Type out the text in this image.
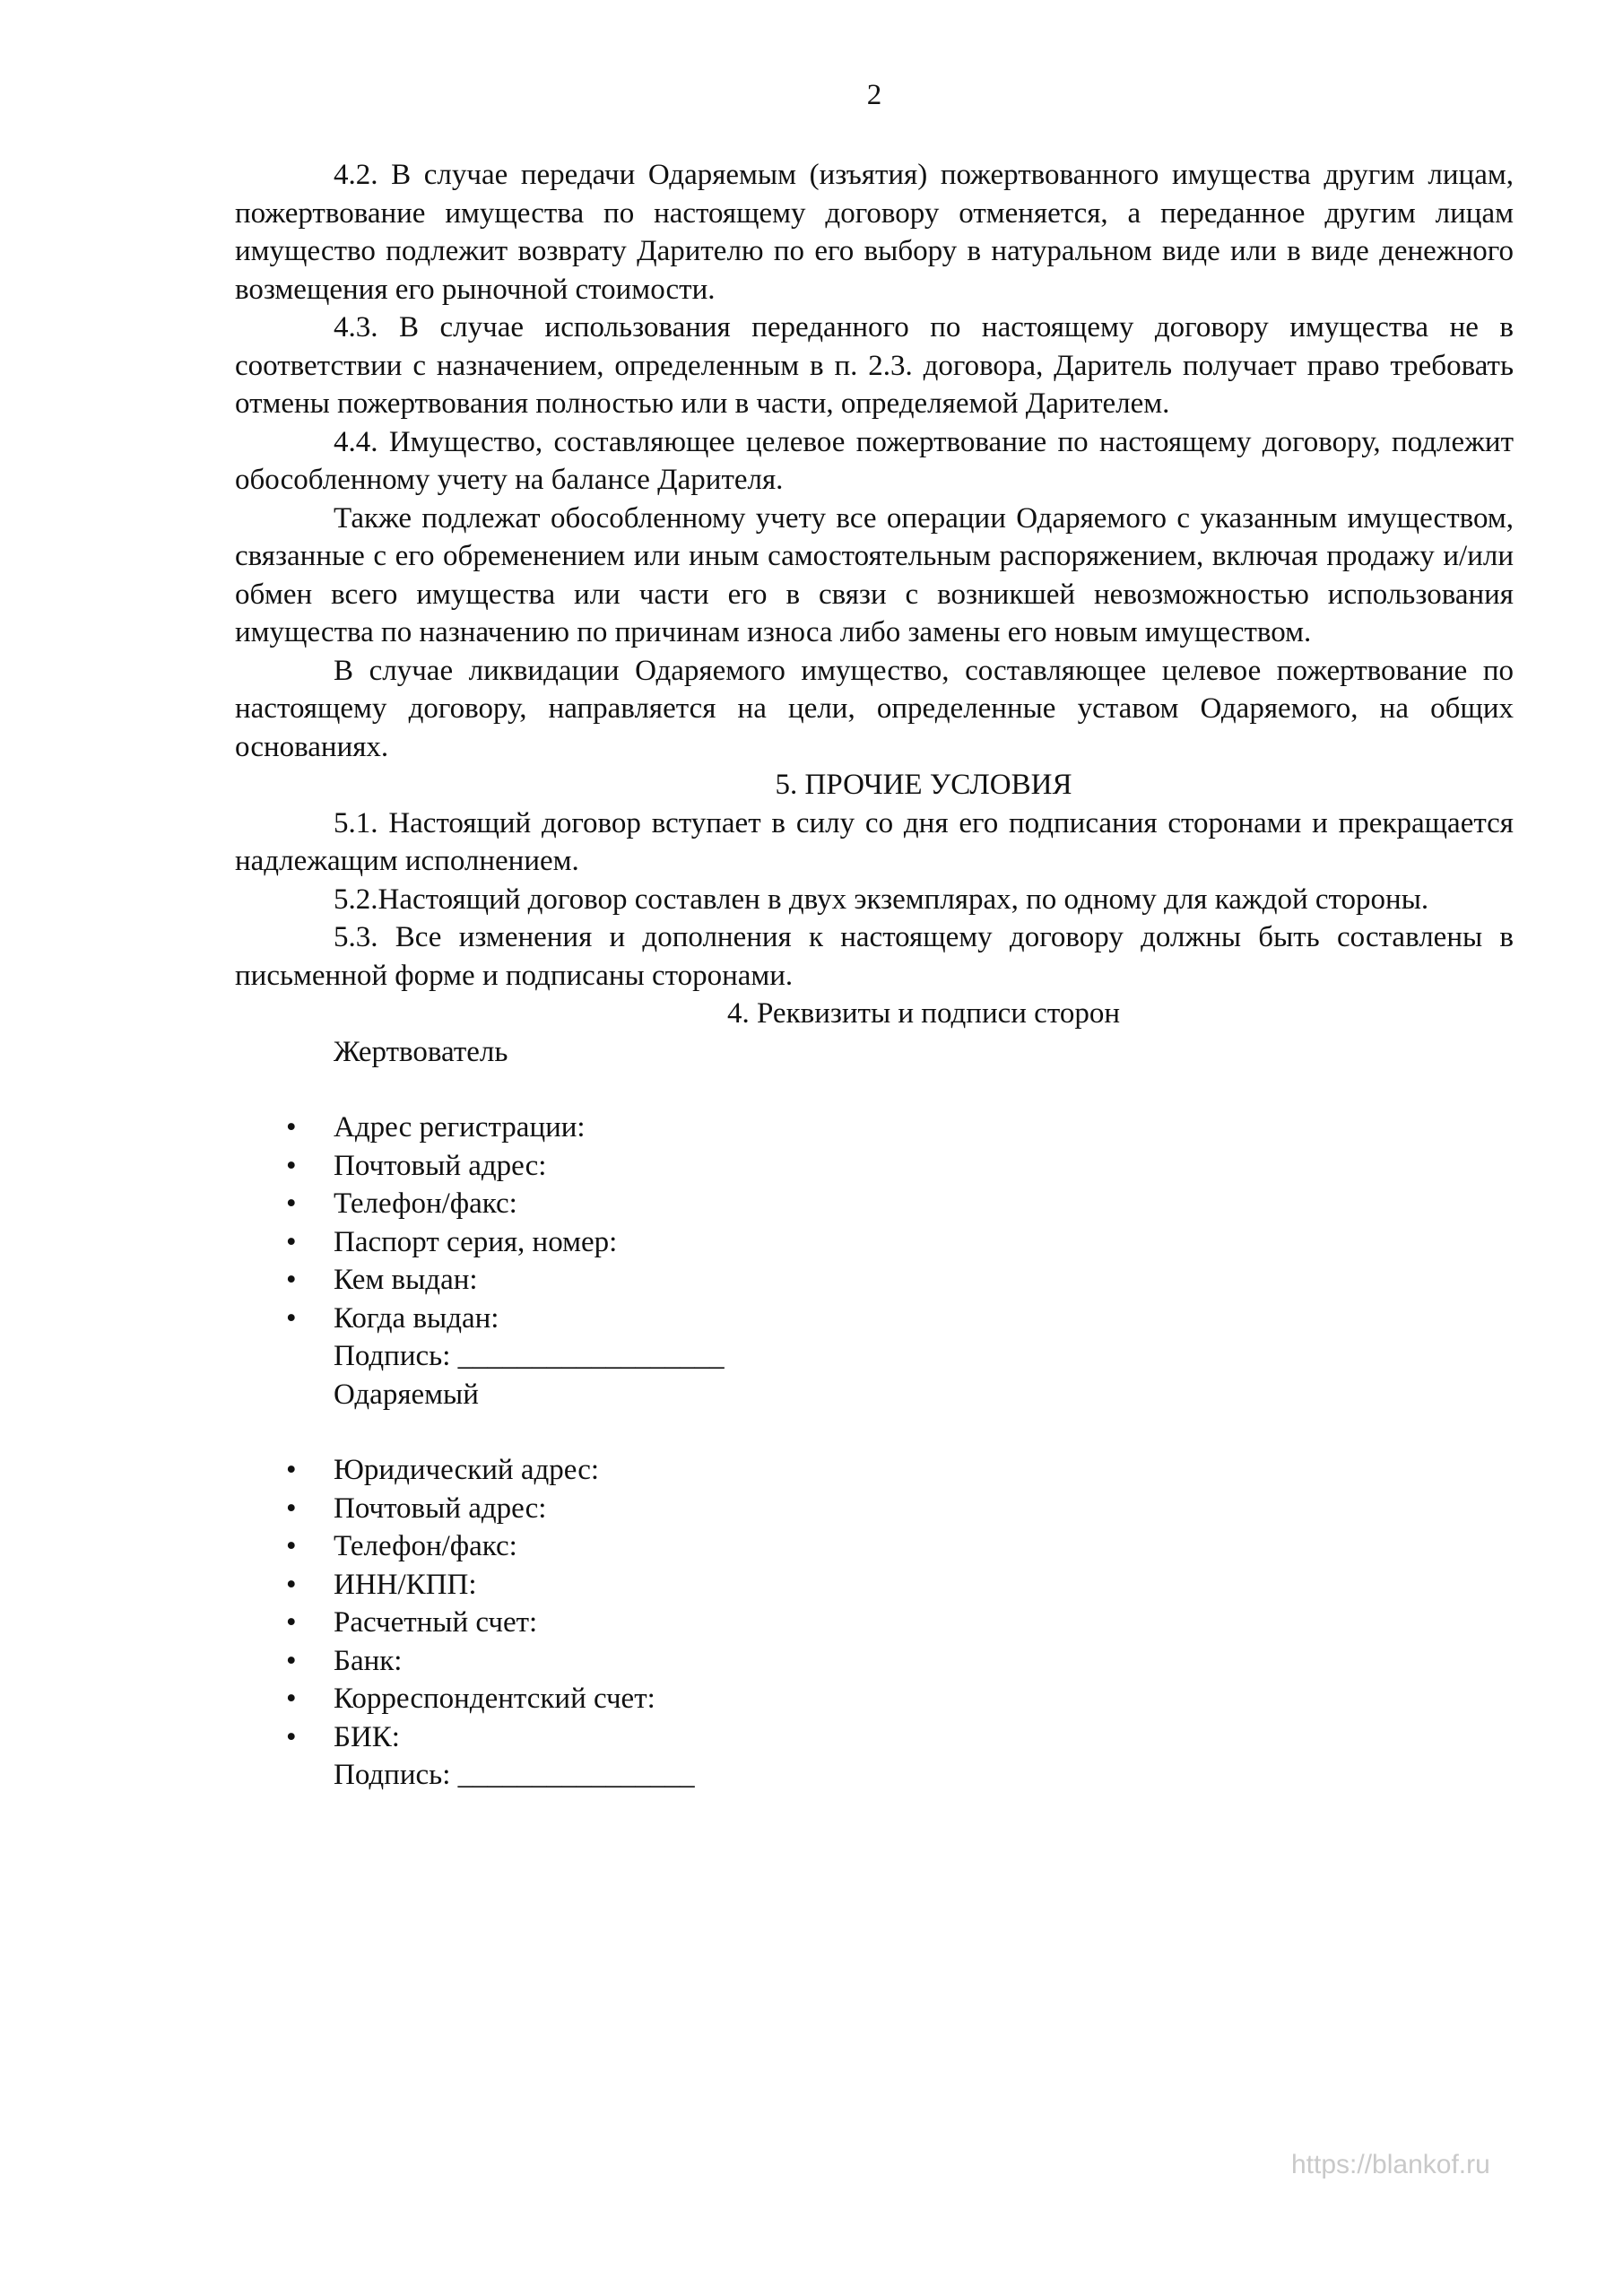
2

4.2. В случае передачи Одаряемым (изъятия) пожертвованного имущества другим лицам, пожертвование имущества по настоящему договору отменяется, а переданное другим лицам имущество подлежит возврату Дарителю по его выбору в натуральном виде или в виде денежного возмещения его рыночной стоимости.

4.3. В случае использования переданного по настоящему договору имущества не в соответствии с назначением, определенным в п. 2.3. договора, Даритель получает право требовать отмены пожертвования полностью или в части, определяемой Дарителем.

4.4. Имущество, составляющее целевое пожертвование по настоящему договору, подлежит обособленному учету на балансе Дарителя.

Также подлежат обособленному учету все операции Одаряемого с указанным имуществом, связанные с его обременением или иным самостоятельным распоряжением, включая продажу и/или обмен всего имущества или части его в связи с возникшей невозможностью использования имущества по назначению по причинам износа либо замены его новым имуществом.

В случае ликвидации Одаряемого имущество, составляющее целевое пожертвование по настоящему договору, направляется на цели, определенные уставом Одаряемого, на общих основаниях.

5. ПРОЧИЕ УСЛОВИЯ

5.1. Настоящий договор вступает в силу со дня его подписания сторонами и прекращается надлежащим исполнением.

5.2.Настоящий договор составлен в двух экземплярах, по одному для каждой стороны.

5.3. Все изменения и дополнения к настоящему договору должны быть составлены в письменной форме и подписаны сторонами.

4. Реквизиты и подписи сторон

Жертвователь

• Адрес регистрации:
• Почтовый адрес:
• Телефон/факс:
• Паспорт серия, номер:
• Кем выдан:
• Когда выдан:

Подпись: __________________

Одаряемый

• Юридический адрес:
• Почтовый адрес:
• Телефон/факс:
• ИНН/КПП:
• Расчетный счет:
• Банк:
• Корреспондентский счет:
• БИК:

Подпись: ________________

https://blankof.ru
